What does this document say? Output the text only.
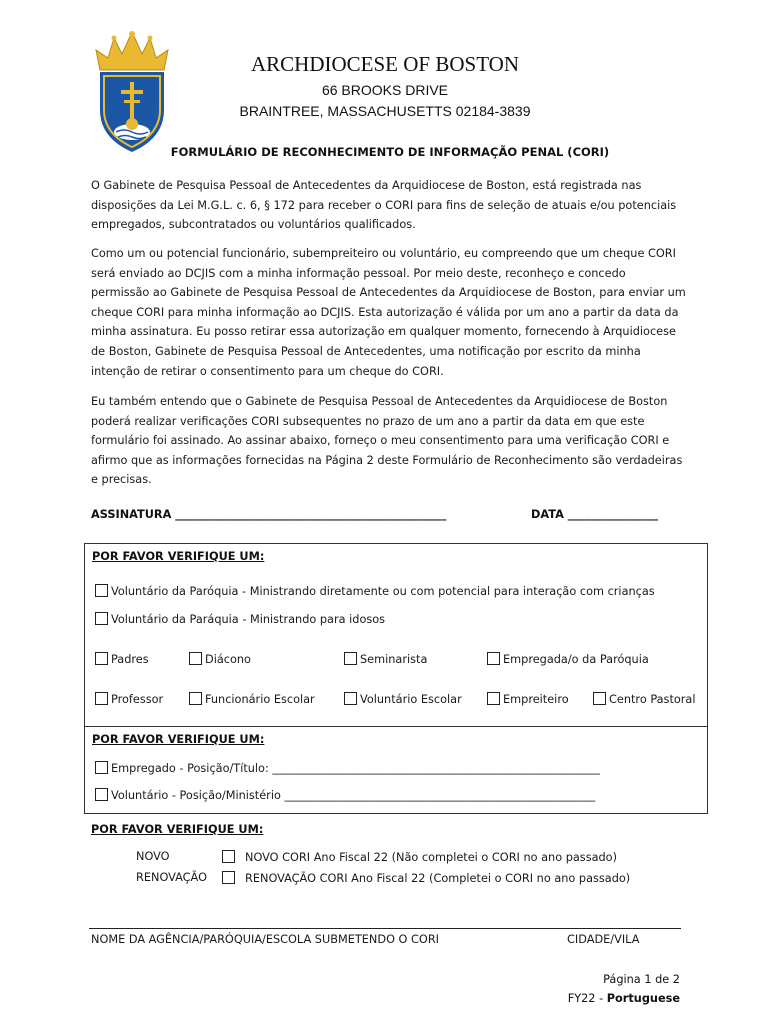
ARCHDIOCESE OF BOSTON
66 BROOKS DRIVE
BRAINTREE, MASSACHUSETTS 02184-3839
FORMULÁRIO DE RECONHECIMENTO DE INFORMAÇÃO PENAL (CORI)
O Gabinete de Pesquisa Pessoal de Antecedentes da Arquidiocese de Boston, está registrada nas disposições da Lei M.G.L. c. 6, § 172 para receber o CORI para fins de seleção de atuais e/ou potenciais empregados, subcontratados ou voluntários qualificados.
Como um ou potencial funcionário, subempreiteiro ou voluntário, eu compreendo que um cheque CORI será enviado ao DCJIS com a minha informação pessoal. Por meio deste, reconheço e concedo permissão ao Gabinete de Pesquisa Pessoal de Antecedentes da Arquidiocese de Boston, para enviar um cheque CORI para minha informação ao DCJIS. Esta autorização é válida por um ano a partir da data da minha assinatura. Eu posso retirar essa autorização em qualquer momento, fornecendo à Arquidiocese de Boston, Gabinete de Pesquisa Pessoal de Antecedentes, uma notificação por escrito da minha intenção de retirar o consentimento para um cheque do CORI.
Eu também entendo que o Gabinete de Pesquisa Pessoal de Antecedentes da Arquidiocese de Boston poderá realizar verificações CORI subsequentes no prazo de um ano a partir da data em que este formulário foi assinado. Ao assinar abaixo, forneço o meu consentimento para uma verificação CORI e afirmo que as informações fornecidas na Página 2 deste Formulário de Reconhecimento são verdadeiras e precisas.
ASSINATURA ________________________________________________	DATA ________________
POR FAVOR VERIFIQUE UM:
Voluntário da Paróquia - Ministrando diretamente ou com potencial para interação com crianças
Voluntário da Paráquia - Ministrando para idosos
Padres	Diácono	Seminarista	Empregada/o da Paróquia
Professor	Funcionário Escolar	Voluntário Escolar	Empreiteiro	Centro Pastoral
POR FAVOR VERIFIQUE UM:
Empregado - Posição/Título: __________________________________________________________
Voluntário - Posição/Ministério _______________________________________________________
POR FAVOR VERIFIQUE UM:
NOVO	NOVO CORI Ano Fiscal 22 (Não completei o CORI no ano passado)
RENOVAÇÃO	RENOVAÇÃO CORI Ano Fiscal 22 (Completei o CORI no ano passado)
NOME DA AGÊNCIA/PARÓQUIA/ESCOLA SUBMETENDO O CORI	CIDADE/VILA
Página 1 de 2
FY22 - Portuguese
